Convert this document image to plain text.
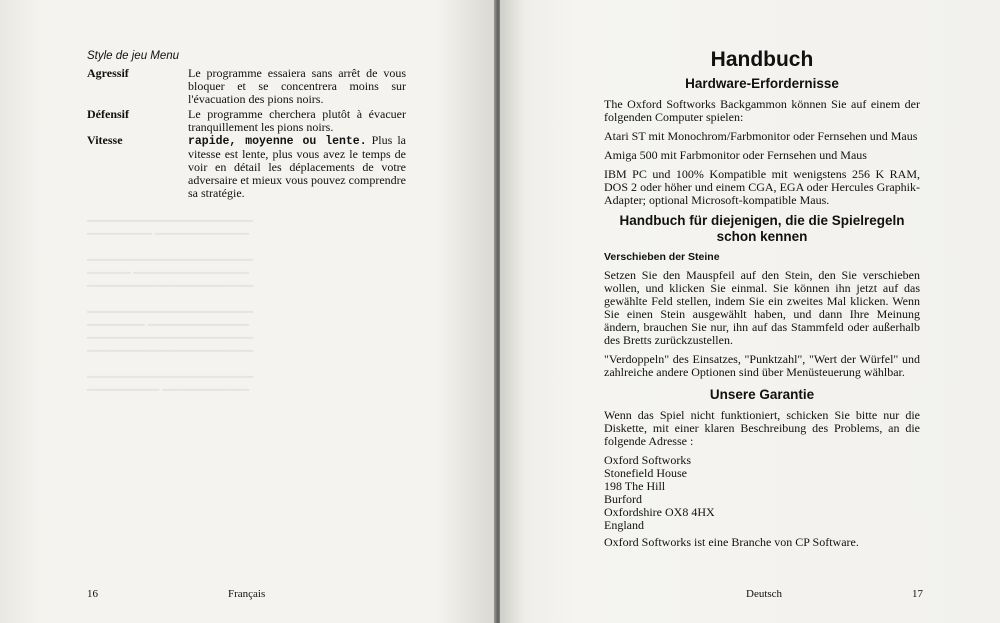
Style de jeu Menu
Agressif	Le programme essaiera sans arrêt de vous bloquer et se concentrera moins sur l'évacuation des pions noirs.
Défensif	Le programme cherchera plutôt à évacuer tranquillement les pions noirs.
Vitesse	rapide, moyenne ou lente. Plus la vitesse est lente, plus vous avez le temps de voir en détail les déplacements de votre adversaire et mieux vous pouvez comprendre sa stratégie.
━━━━━━━━━━━━━━━━━━━━━━━
━━━━━━━━━ ━━━━━━━━━━━━━

━━━━━━━━━━━━━━━━━━━━━━━
━━━━━━ ━━━━━━━━━━━━━━━━
━━━━━━━━━━━━━━━━━━━━━━━

━━━━━━━━━━━━━━━━━━━━━━━
━━━━━━━━ ━━━━━━━━━━━━━━
━━━━━━━━━━━━━━━━━━━━━━━
━━━━━━━━━━━━━━━━━━━━━━━

━━━━━━━━━━━━━━━━━━━━━━━
━━━━━━━━━━ ━━━━━━━━━━━━
16	Français
Handbuch
Hardware-Erfordernisse

The Oxford Softworks Backgammon können Sie auf einem der folgenden Computer spielen:

Atari ST mit Monochrom/Farbmonitor oder Fernsehen und Maus

Amiga 500 mit Farbmonitor oder Fernsehen und Maus

IBM PC und 100% Kompatible mit wenigstens 256 K RAM, DOS 2 oder höher und einem CGA, EGA oder Hercules Graphik-Adapter; optional Microsoft-kompatible Maus.

Handbuch für diejenigen, die die Spielregeln schon kennen
Verschieben der Steine

Setzen Sie den Mauspfeil auf den Stein, den Sie verschieben wollen, und klicken Sie einmal. Sie können ihn jetzt auf das gewählte Feld stellen, indem Sie ein zweites Mal klicken. Wenn Sie einen Stein ausgewählt haben, und dann Ihre Meinung ändern, brauchen Sie nur, ihn auf das Stammfeld oder außerhalb des Bretts zurückzustellen.

"Verdoppeln" des Einsatzes, "Punktzahl", "Wert der Würfel" und zahlreiche andere Optionen sind über Menüsteuerung wählbar.

Unsere Garantie

Wenn das Spiel nicht funktioniert, schicken Sie bitte nur die Diskette, mit einer klaren Beschreibung des Problems, an die folgende Adresse :

Oxford Softworks
Stonefield House
198 The Hill
Burford
Oxfordshire OX8 4HX
England

Oxford Softworks ist eine Branche von CP Software.

Deutsch	17
